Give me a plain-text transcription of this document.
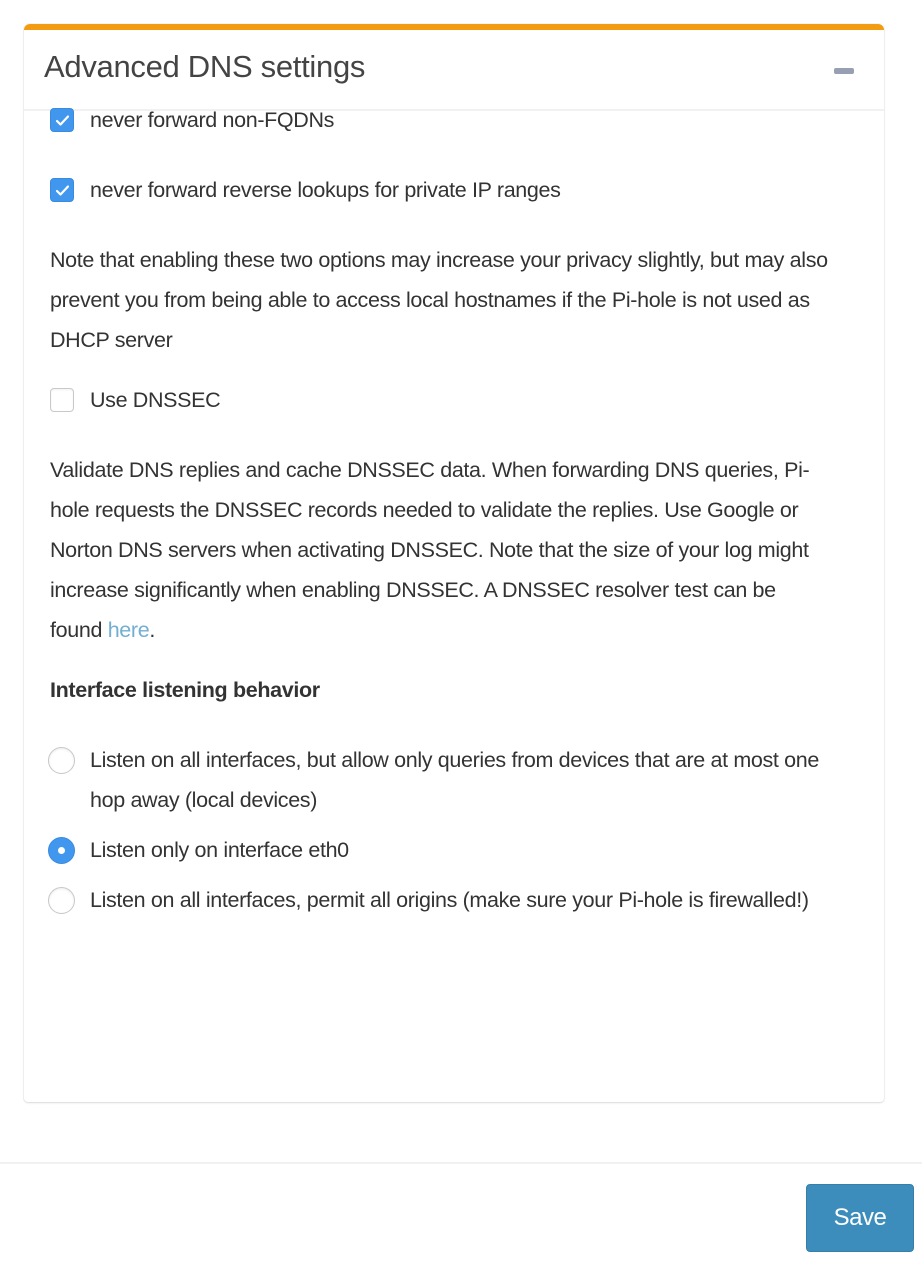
Advanced DNS settings
never forward non-FQDNs
never forward reverse lookups for private IP ranges

Note that enabling these two options may increase your privacy slightly, but may also prevent you from being able to access local hostnames if the Pi-hole is not used as DHCP server

Use DNSSEC

Validate DNS replies and cache DNSSEC data. When forwarding DNS queries, Pi-hole requests the DNSSEC records needed to validate the replies. Use Google or Norton DNS servers when activating DNSSEC. Note that the size of your log might increase significantly when enabling DNSSEC. A DNSSEC resolver test can be found here.

Interface listening behavior
Listen on all interfaces, but allow only queries from devices that are at most one hop away (local devices)
Listen only on interface eth0
Listen on all interfaces, permit all origins (make sure your Pi-hole is firewalled!)
Save
